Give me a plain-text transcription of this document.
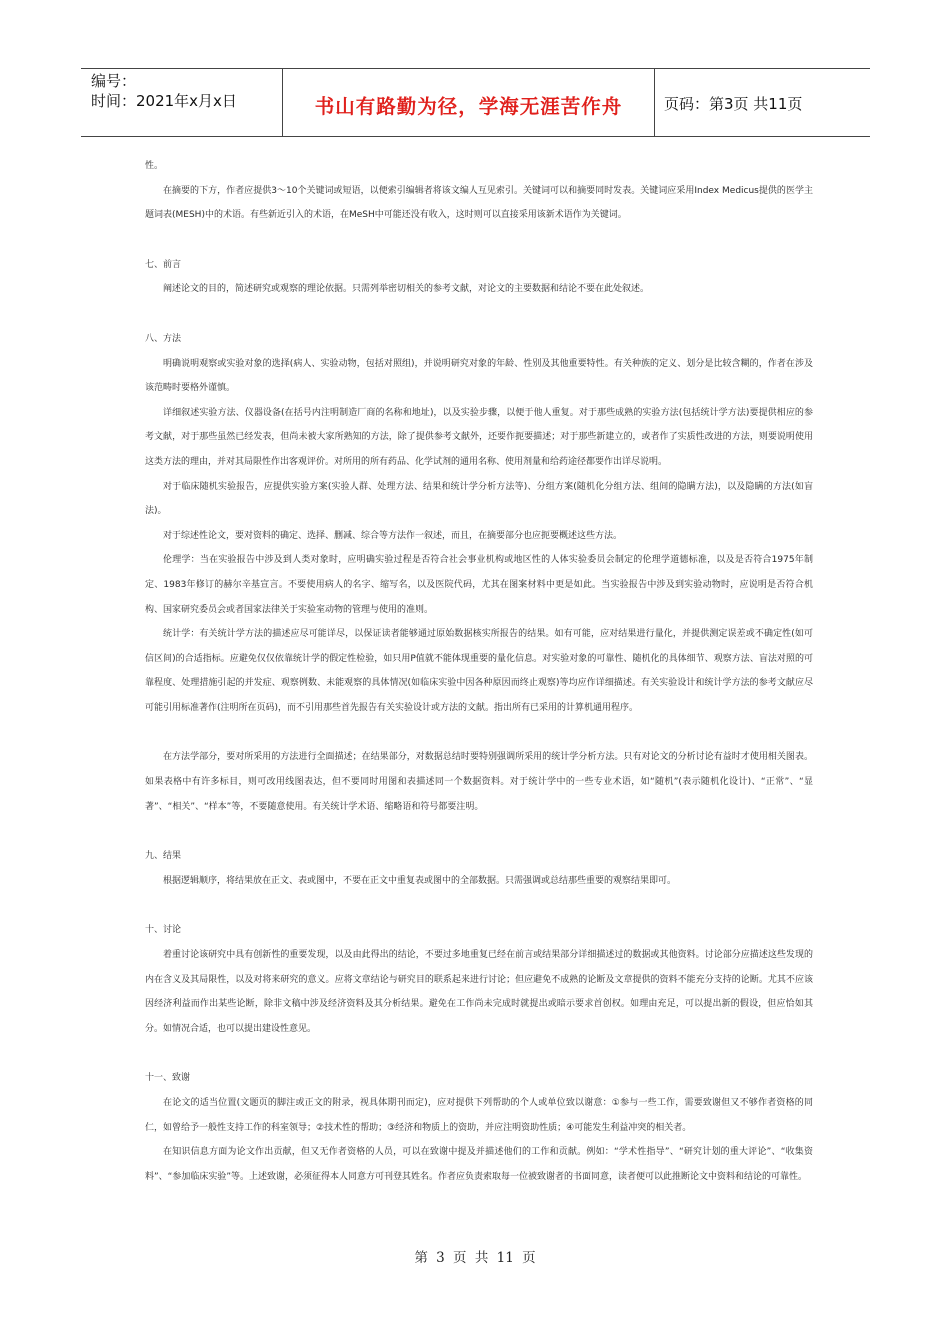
编号：
时间：2021年x月x日	书山有路勤为径，学海无涯苦作舟	页码：第3页 共11页

性。

在摘要的下方，作者应提供3～10个关键词或短语，以便索引编辑者将该文编人互见索引。关键词可以和摘要同时发表。关键词应采用Index Medicus提供的医学主题词表(MESH)中的术语。有些新近引入的术语，在MeSH中可能还没有收入，这时则可以直接采用该新术语作为关键词。

七、前言

阐述论文的目的，简述研究或观察的理论依据。只需列举密切相关的参考文献，对论文的主要数据和结论不要在此处叙述。

八、方法

明确说明观察或实验对象的选择(病人、实验动物，包括对照组)，并说明研究对象的年龄、性别及其他重要特性。有关种族的定义、划分是比较含糊的，作者在涉及该范畴时要格外谨慎。

详细叙述实验方法、仪器设备(在括号内注明制造厂商的名称和地址)，以及实验步骤，以便于他人重复。对于那些成熟的实验方法(包括统计学方法)要提供相应的参考文献，对于那些虽然已经发表，但尚未被大家所熟知的方法，除了提供参考文献外，还要作扼要描述；对于那些新建立的，或者作了实质性改进的方法，则要说明使用这类方法的理由，并对其局限性作出客观评价。对所用的所有药品、化学试剂的通用名称、使用剂量和给药途径都要作出详尽说明。

对于临床随机实验报告，应提供实验方案(实验人群、处理方法、结果和统计学分析方法等)、分组方案(随机化分组方法、组间的隐瞒方法)，以及隐瞒的方法(如盲法)。

对于综述性论文，要对资料的确定、选择、删减、综合等方法作一叙述，而且，在摘要部分也应扼要概述这些方法。

伦理学：当在实验报告中涉及到人类对象时，应明确实验过程是否符合社会事业机构或地区性的人体实验委员会制定的伦理学道德标准，以及是否符合1975年制定、1983年修订的赫尔辛基宣言。不要使用病人的名字、缩写名，以及医院代码，尤其在图案材料中更是如此。当实验报告中涉及到实验动物时，应说明是否符合机构、国家研究委员会或者国家法律关于实验室动物的管理与使用的准则。

统计学：有关统计学方法的描述应尽可能详尽，以保证读者能够通过原始数据核实所报告的结果。如有可能，应对结果进行量化，并提供测定误差或不确定性(如可信区间)的合适指标。应避免仅仅依靠统计学的假定性检验，如只用P值就不能体现重要的量化信息。对实验对象的可靠性、随机化的具体细节、观察方法、盲法对照的可靠程度、处理措施引起的并发症、观察例数、未能观察的具体情况(如临床实验中因各种原因而终止观察)等均应作详细描述。有关实验设计和统计学方法的参考文献应尽可能引用标准著作(注明所在页码)，而不引用那些首先报告有关实验设计或方法的文献。指出所有已采用的计算机通用程序。

在方法学部分，要对所采用的方法进行全面描述；在结果部分，对数据总结时要特别强调所采用的统计学分析方法。只有对论文的分析讨论有益时才使用相关图表。如果表格中有许多标目，则可改用线图表达，但不要同时用图和表描述同一个数据资料。对于统计学中的一些专业术语，如“随机”(表示随机化设计)、“正常”、“显著”、“相关”、“样本”等，不要随意使用。有关统计学术语、缩略语和符号都要注明。

九、结果

根据逻辑顺序，将结果放在正文、表或图中，不要在正文中重复表或图中的全部数据。只需强调或总结那些重要的观察结果即可。

十、讨论

着重讨论该研究中具有创新性的重要发现，以及由此得出的结论，不要过多地重复已经在前言或结果部分详细描述过的数据或其他资料。讨论部分应描述这些发现的内在含义及其局限性，以及对将来研究的意义。应将文章结论与研究目的联系起来进行讨论；但应避免不成熟的论断及文章提供的资料不能充分支持的论断。尤其不应该因经济利益而作出某些论断，除非文稿中涉及经济资料及其分析结果。避免在工作尚未完成时就提出或暗示要求首创权。如理由充足，可以提出新的假设，但应恰如其分。如情况合适，也可以提出建设性意见。

十一、致谢

在论文的适当位置(文题页的脚注或正文的附录，视具体期刊而定)，应对提供下列帮助的个人或单位致以谢意：①参与一些工作，需要致谢但又不够作者资格的同仁，如曾给予一般性支持工作的科室领导；②技术性的帮助；③经济和物质上的资助，并应注明资助性质；④可能发生利益冲突的相关者。

在知识信息方面为论文作出贡献，但又无作者资格的人员，可以在致谢中提及并描述他们的工作和贡献。例如：“学术性指导”、“研究计划的重大评论”、“收集资料”、“参加临床实验”等。上述致谢，必须征得本人同意方可刊登其姓名。作者应负责索取每一位被致谢者的书面同意，读者便可以此推断论文中资料和结论的可靠性。

第 3 页 共 11 页
